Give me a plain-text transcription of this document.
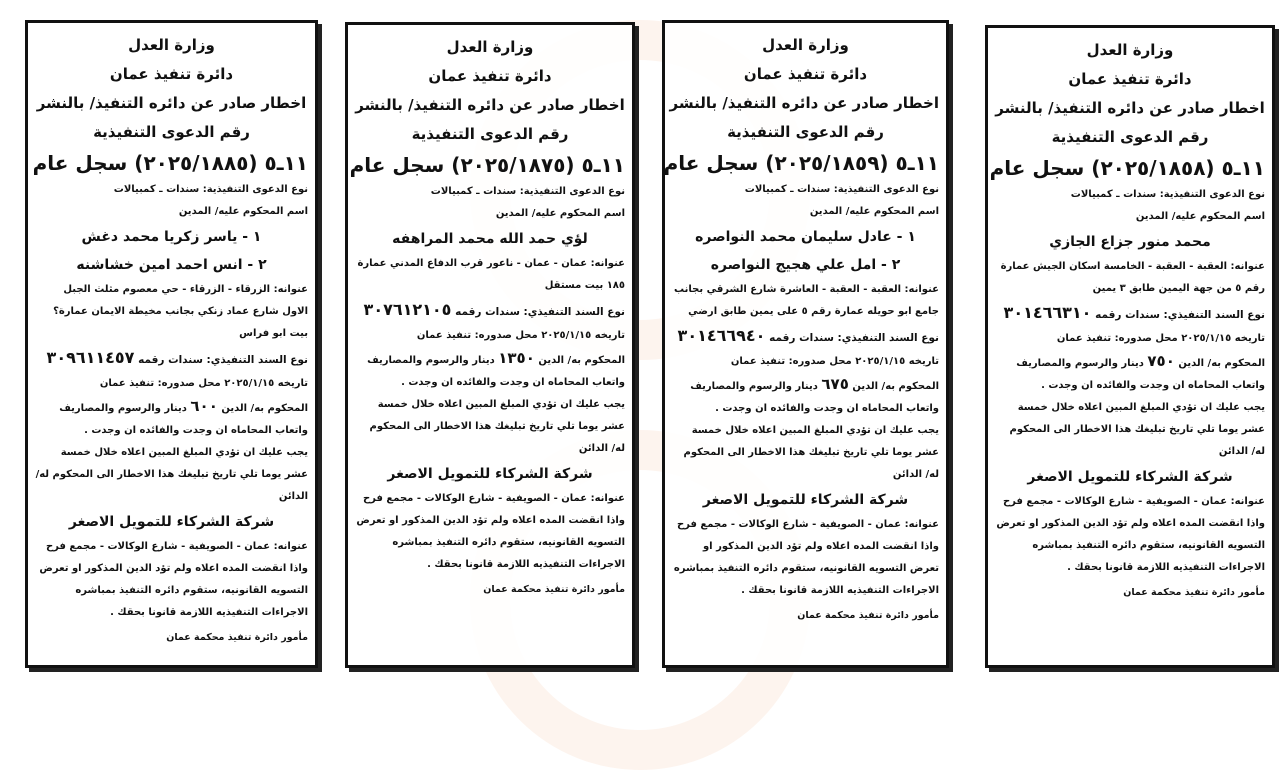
وزارة العدل
دائرة تنفيذ عمان
اخطار صادر عن دائره التنفيذ/ بالنشر
رقم الدعوى التنفيذية
١١ـ٥ (٢٠٢٥/١٨٥٨) سجل عام
نوع الدعوى التنفيذية: سندات ـ كمبيالات
اسم المحكوم عليه/ المدين
محمد منور جزاع الجازي
عنوانه: العقبة - العقبة - الخامسة اسكان الجيش عمارة رقم ٥ من جهة اليمين طابق ٣ يمين
نوع السند التنفيذي: سندات رقمه ٣٠١٤٦٦٣١٠
تاريخه ٢٠٢٥/١/١٥ محل صدوره: تنفيذ عمان
المحكوم به/ الدين ٧٥٠ دينار والرسوم والمصاريف واتعاب المحاماه ان وجدت والفائده ان وجدت .
يجب عليك ان تؤدي المبلغ المبين اعلاه خلال خمسة عشر يوما تلي تاريخ تبليغك هذا الاخطار الى المحكوم له/ الدائن
شركة الشركاء للتمويل الاصغر
عنوانه: عمان - الصويفية - شارع الوكالات - مجمع فرح
واذا انقضت المده اعلاه ولم تؤد الدين المذكور او تعرض التسويه القانونيه، ستقوم دائره التنفيذ بمباشره الاجراءات التنفيذيه اللازمة قانونا بحقك .
مأمور دائرة تنفيذ محكمة عمان
وزارة العدل
دائرة تنفيذ عمان
اخطار صادر عن دائره التنفيذ/ بالنشر
رقم الدعوى التنفيذية
١١ـ٥ (٢٠٢٥/١٨٥٩) سجل عام
نوع الدعوى التنفيذية: سندات ـ كمبيالات
اسم المحكوم عليه/ المدين
١ - عادل سليمان محمد النواصره
٢ - امل علي هجيج النواصره
عنوانه: العقبة - العقبة - العاشرة شارع الشرقي بجانب جامع ابو حويله عمارة رقم ٥ على يمين طابق ارضي
نوع السند التنفيذي: سندات رقمه ٣٠١٤٦٦٩٤٠
تاريخه ٢٠٢٥/١/١٥ محل صدوره: تنفيذ عمان
المحكوم به/ الدين ٦٧٥ دينار والرسوم والمصاريف واتعاب المحاماه ان وجدت والفائده ان وجدت .
يجب عليك ان تؤدي المبلغ المبين اعلاه خلال خمسة عشر يوما تلي تاريخ تبليغك هذا الاخطار الى المحكوم له/ الدائن
شركة الشركاء للتمويل الاصغر
عنوانه: عمان - الصويفية - شارع الوكالات - مجمع فرح
واذا انقضت المده اعلاه ولم تؤد الدين المذكور او تعرض التسويه القانونيه، ستقوم دائره التنفيذ بمباشره الاجراءات التنفيذيه اللازمة قانونا بحقك .
مأمور دائرة تنفيذ محكمة عمان
وزارة العدل
دائرة تنفيذ عمان
اخطار صادر عن دائره التنفيذ/ بالنشر
رقم الدعوى التنفيذية
١١ـ٥ (٢٠٢٥/١٨٧٥) سجل عام
نوع الدعوى التنفيذية: سندات ـ كمبيالات
اسم المحكوم عليه/ المدين
لؤي حمد الله محمد المراهفه
عنوانه: عمان - عمان - ناعور قرب الدفاع المدني عمارة ١٨٥ بيت مستقل
نوع السند التنفيذي: سندات رقمه ٣٠٧٦١٢١٠٥
تاريخه ٢٠٢٥/١/١٥ محل صدوره: تنفيذ عمان
المحكوم به/ الدين ١٣٥٠ دينار والرسوم والمصاريف واتعاب المحاماه ان وجدت والفائده ان وجدت .
يجب عليك ان تؤدي المبلغ المبين اعلاه خلال خمسة عشر يوما تلي تاريخ تبليغك هذا الاخطار الى المحكوم له/ الدائن
شركة الشركاء للتمويل الاصغر
عنوانه: عمان - الصويفية - شارع الوكالات - مجمع فرح
واذا انقضت المده اعلاه ولم تؤد الدين المذكور او تعرض التسويه القانونيه، ستقوم دائره التنفيذ بمباشره الاجراءات التنفيذيه اللازمة قانونا بحقك .
مأمور دائرة تنفيذ محكمة عمان
وزارة العدل
دائرة تنفيذ عمان
اخطار صادر عن دائره التنفيذ/ بالنشر
رقم الدعوى التنفيذية
١١ـ٥ (٢٠٢٥/١٨٨٥) سجل عام
نوع الدعوى التنفيذية: سندات ـ كمبيالات
اسم المحكوم عليه/ المدين
١ - ياسر زكريا محمد دغش
٢ - انس احمد امين خشاشنه
عنوانه: الزرقاء - الزرقاء - حي معصوم مثلث الجبل الاول شارع عماد زنكي بجانب مخيطة الايمان عمارة؟ بيت ابو فراس
نوع السند التنفيذي: سندات رقمه ٣٠٩٦١١٤٥٧
تاريخه ٢٠٢٥/١/١٥ محل صدوره: تنفيذ عمان
المحكوم به/ الدين ٦٠٠ دينار والرسوم والمصاريف واتعاب المحاماه ان وجدت والفائده ان وجدت .
يجب عليك ان تؤدي المبلغ المبين اعلاه خلال خمسة عشر يوما تلي تاريخ تبليغك هذا الاخطار الى المحكوم له/ الدائن
شركة الشركاء للتمويل الاصغر
عنوانه: عمان - الصويفية - شارع الوكالات - مجمع فرح
واذا انقضت المده اعلاه ولم تؤد الدين المذكور او تعرض التسويه القانونيه، ستقوم دائره التنفيذ بمباشره الاجراءات التنفيذيه اللازمة قانونا بحقك .
مأمور دائرة تنفيذ محكمة عمان
